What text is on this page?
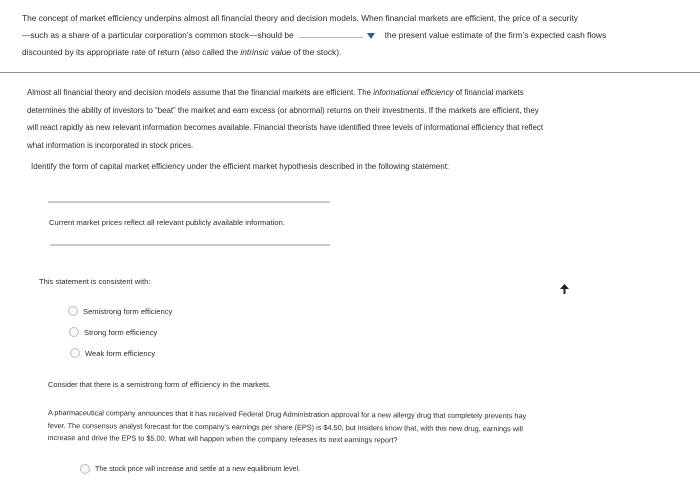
The concept of market efficiency underpins almost all financial theory and decision models. When financial markets are efficient, the price of a security
—such as a share of a particular corporation’s common stock—should be	the present value estimate of the firm’s expected cash flows
discounted by its appropriate rate of return (also called the intrinsic value of the stock).
Almost all financial theory and decision models assume that the financial markets are efficient. The informational efficiency of financial markets
determines the ability of investors to “beat” the market and earn excess (or abnormal) returns on their investments. If the markets are efficient, they
will react rapidly as new relevant information becomes available. Financial theorists have identified three levels of informational efficiency that reflect
what information is incorporated in stock prices.
Identify the form of capital market efficiency under the efficient market hypothesis described in the following statement:
Current market prices reflect all relevant publicly available information.
This statement is consistent with:
Semistrong form efficiency
Strong form efficiency
Weak form efficiency
Consider that there is a semistrong form of efficiency in the markets.
A pharmaceutical company announces that it has received Federal Drug Administration approval for a new allergy drug that completely prevents hay
fever. The consensus analyst forecast for the company’s earnings per share (EPS) is $4.50, but insiders know that, with this new drug, earnings will
increase and drive the EPS to $5.00. What will happen when the company releases its next earnings report?
The stock price will increase and settle at a new equilibrium level.
